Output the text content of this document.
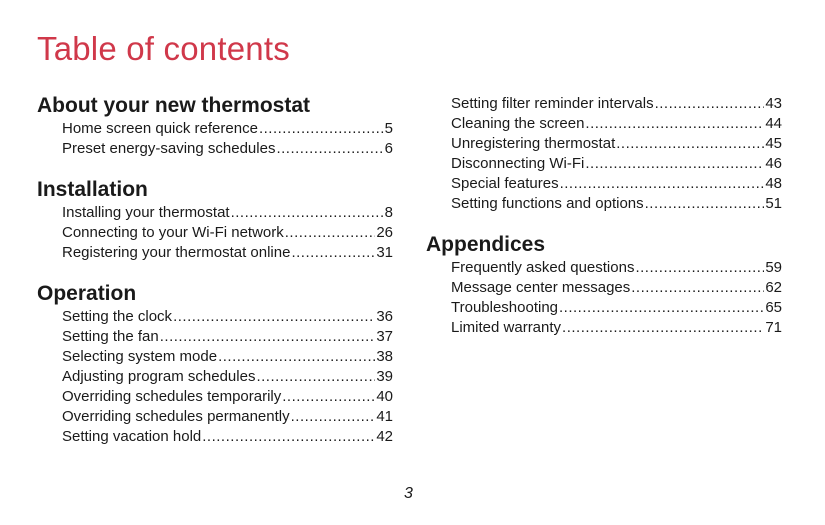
Table of contents
About your new thermostat
Home screen quick reference .....	5
Preset energy-saving schedules .....	6
Installation
Installing your thermostat .....	8
Connecting to your Wi-Fi network .....	26
Registering your thermostat online .....	31
Operation
Setting the clock .....	36
Setting the fan .....	37
Selecting system mode .....	38
Adjusting program schedules .....	39
Overriding schedules temporarily .....	40
Overriding schedules permanently .....	41
Setting vacation hold .....	42
Setting filter reminder intervals .....	43
Cleaning the screen .....	44
Unregistering thermostat .....	45
Disconnecting Wi-Fi .....	46
Special features .....	48
Setting functions and options .....	51
Appendices
Frequently asked questions .....	59
Message center messages .....	62
Troubleshooting .....	65
Limited warranty .....	71
3
